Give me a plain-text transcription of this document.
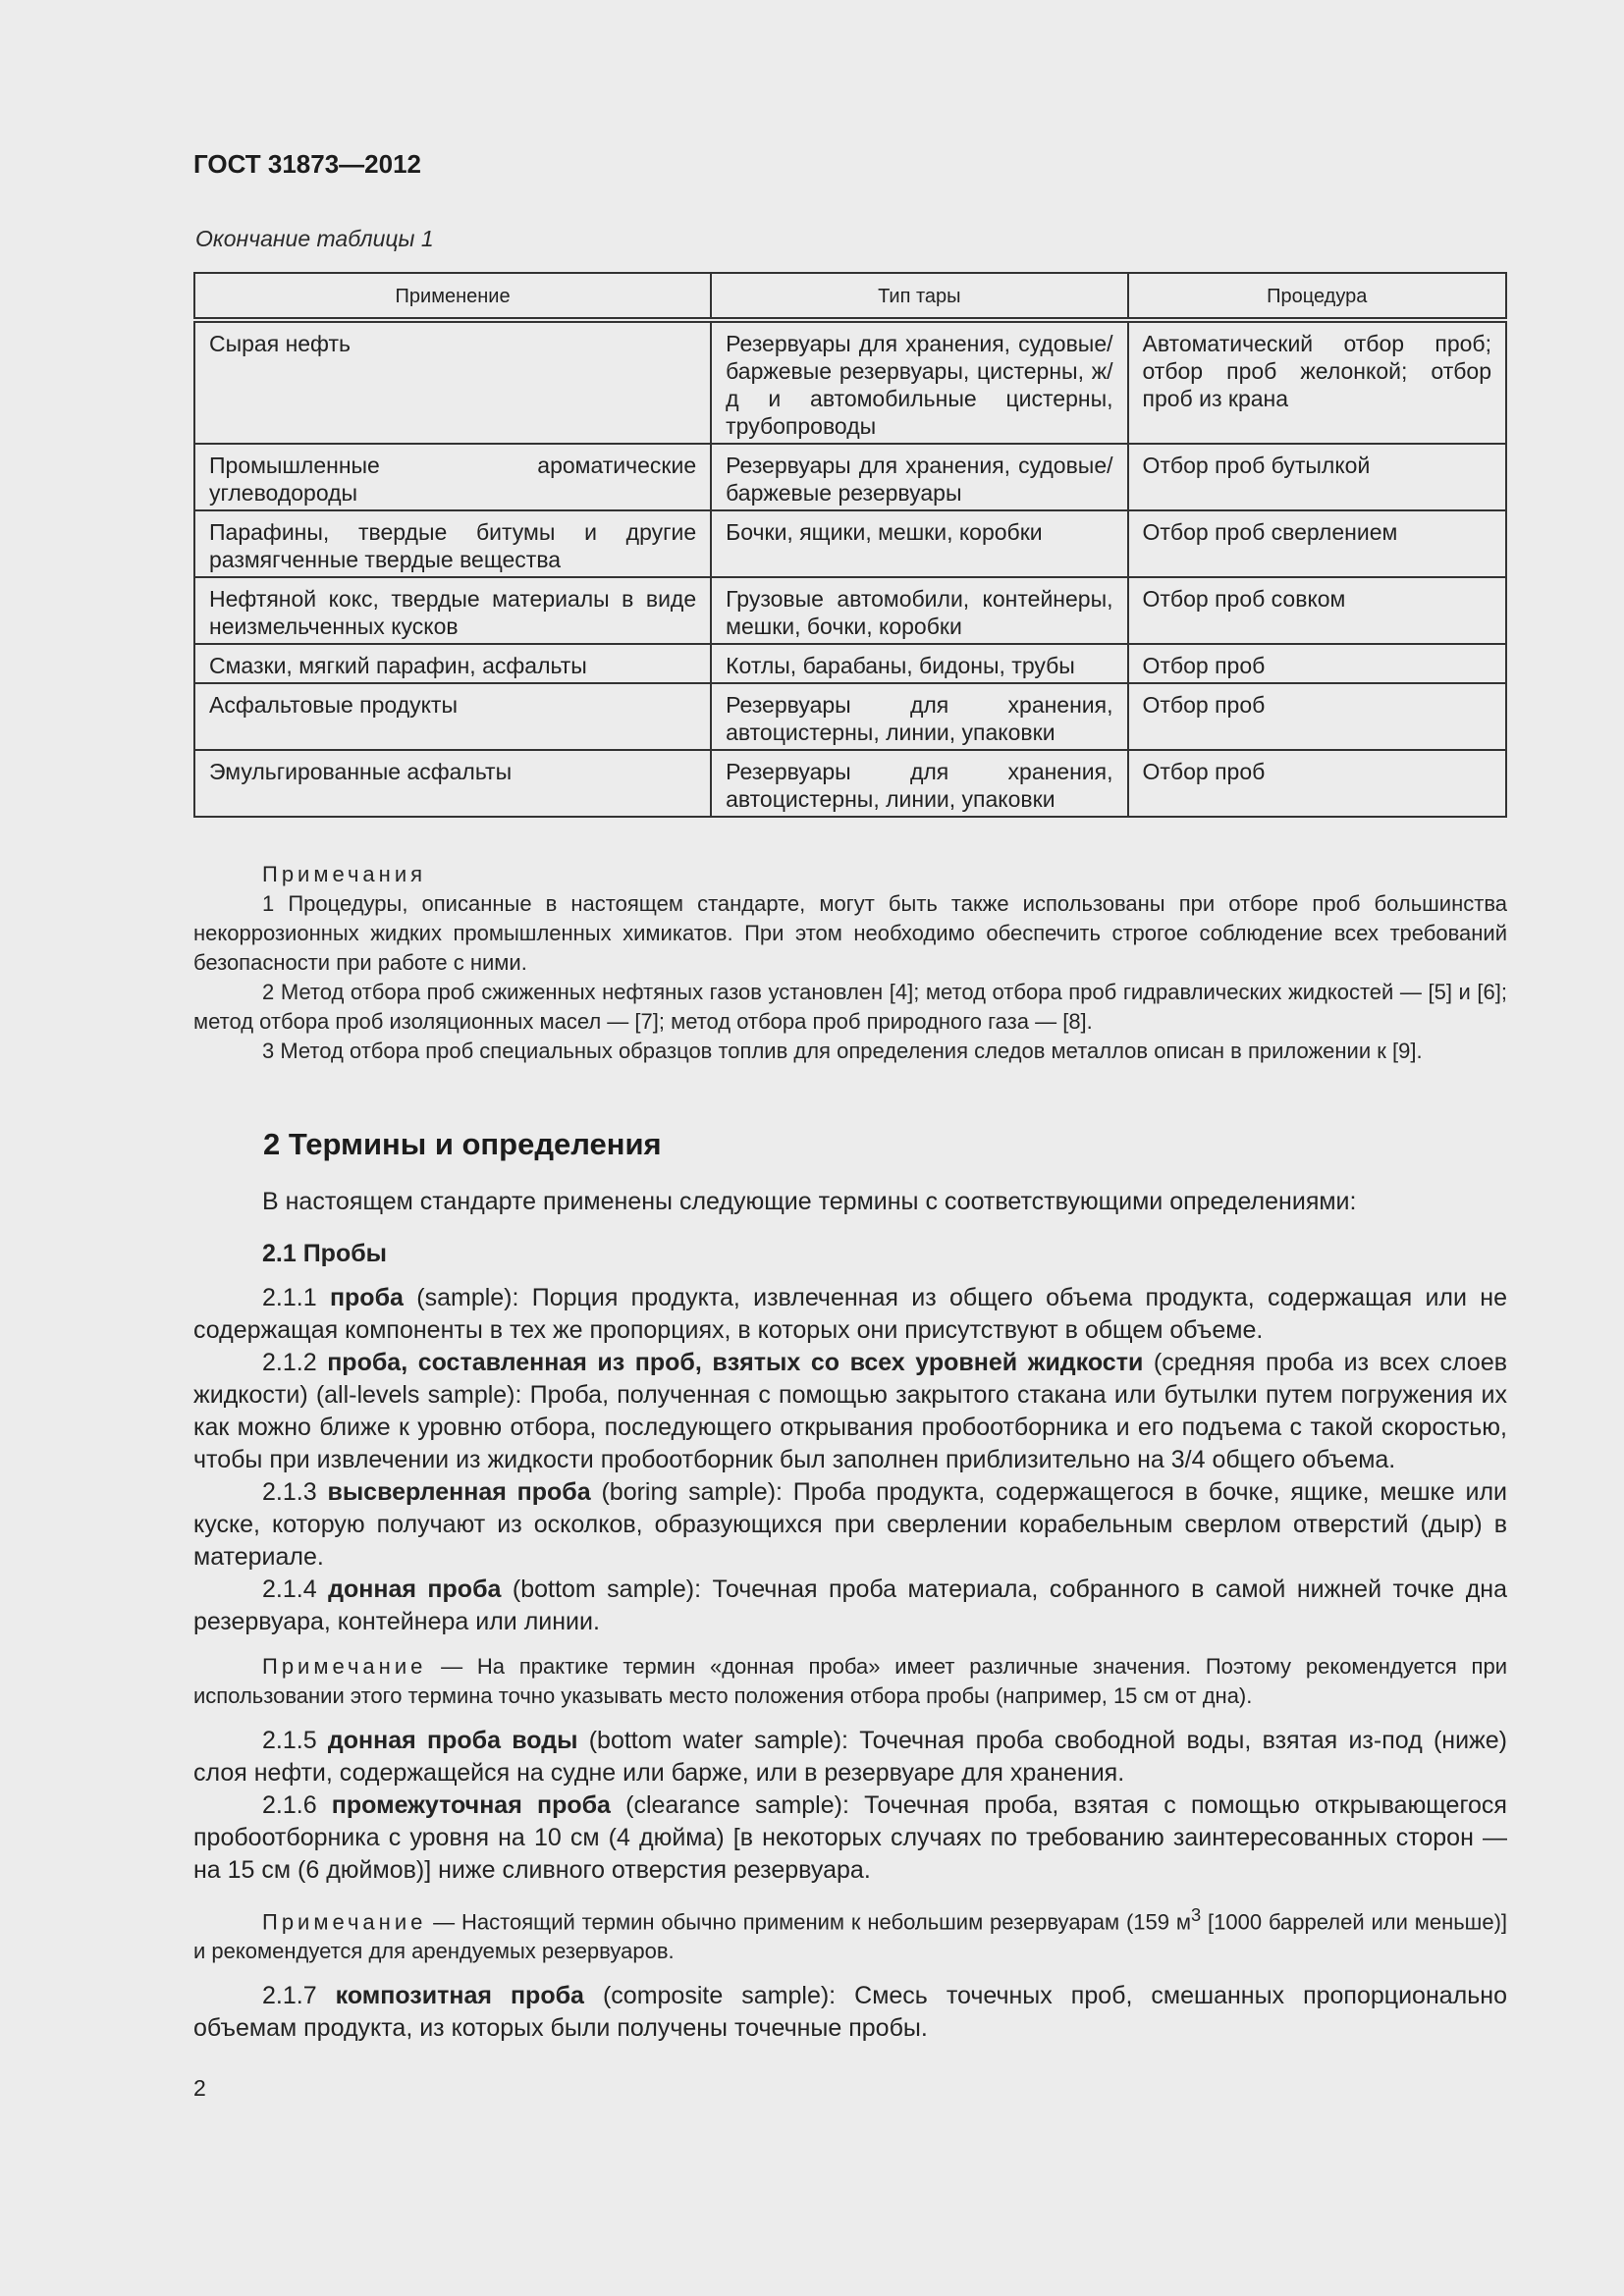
ГОСТ 31873—2012
Окончание таблицы 1
Применение	Тип тары	Процедура
Сырая нефть	Резервуары для хранения, судовые/баржевые резервуары, цистерны, ж/д и автомобильные цистерны, трубопроводы	Автоматический отбор проб; отбор проб желонкой; отбор проб из крана
Промышленные ароматические углеводороды	Резервуары для хранения, судовые/баржевые резервуары	Отбор проб бутылкой
Парафины, твердые битумы и другие размягченные твердые вещества	Бочки, ящики, мешки, коробки	Отбор проб сверлением
Нефтяной кокс, твердые материалы в виде неизмельченных кусков	Грузовые автомобили, контейнеры, мешки, бочки, коробки	Отбор проб совком
Смазки, мягкий парафин, асфальты	Котлы, барабаны, бидоны, трубы	Отбор проб
Асфальтовые продукты	Резервуары для хранения, автоцистерны, линии, упаковки	Отбор проб
Эмульгированные асфальты	Резервуары для хранения, автоцистерны, линии, упаковки	Отбор проб
Примечания

1 Процедуры, описанные в настоящем стандарте, могут быть также использованы при отборе проб большинства некоррозионных жидких промышленных химикатов. При этом необходимо обеспечить строгое соблюдение всех требований безопасности при работе с ними.

2 Метод отбора проб сжиженных нефтяных газов установлен [4]; метод отбора проб гидравлических жидкостей — [5] и [6]; метод отбора проб изоляционных масел — [7]; метод отбора проб природного газа — [8].

3 Метод отбора проб специальных образцов топлив для определения следов металлов описан в приложении к [9].

2 Термины и определения

В настоящем стандарте применены следующие термины с соответствующими определениями:

2.1 Пробы

2.1.1 проба (sample): Порция продукта, извлеченная из общего объема продукта, содержащая или не содержащая компоненты в тех же пропорциях, в которых они присутствуют в общем объеме.

2.1.2 проба, составленная из проб, взятых со всех уровней жидкости (средняя проба из всех слоев жидкости) (all-levels sample): Проба, полученная с помощью закрытого стакана или бутылки путем погружения их как можно ближе к уровню отбора, последующего открывания пробоотборника и его подъема с такой скоростью, чтобы при извлечении из жидкости пробоотборник был заполнен приблизительно на 3/4 общего объема.

2.1.3 высверленная проба (boring sample): Проба продукта, содержащегося в бочке, ящике, мешке или куске, которую получают из осколков, образующихся при сверлении корабельным сверлом отверстий (дыр) в материале.

2.1.4 донная проба (bottom sample): Точечная проба материала, собранного в самой нижней точке дна резервуара, контейнера или линии.

Примечание — На практике термин «донная проба» имеет различные значения. Поэтому рекомендуется при использовании этого термина точно указывать место положения отбора пробы (например, 15 см от дна).

2.1.5 донная проба воды (bottom water sample): Точечная проба свободной воды, взятая из-под (ниже) слоя нефти, содержащейся на судне или барже, или в резервуаре для хранения.

2.1.6 промежуточная проба (clearance sample): Точечная проба, взятая с помощью открывающегося пробоотборника с уровня на 10 см (4 дюйма) [в некоторых случаях по требованию заинтересованных сторон — на 15 см (6 дюймов)] ниже сливного отверстия резервуара.

Примечание — Настоящий термин обычно применим к небольшим резервуарам (159 $м^3$ [1000 баррелей или меньше)] и рекомендуется для арендуемых резервуаров.

2.1.7 композитная проба (composite sample): Смесь точечных проб, смешанных пропорционально объемам продукта, из которых были получены точечные пробы.

2
